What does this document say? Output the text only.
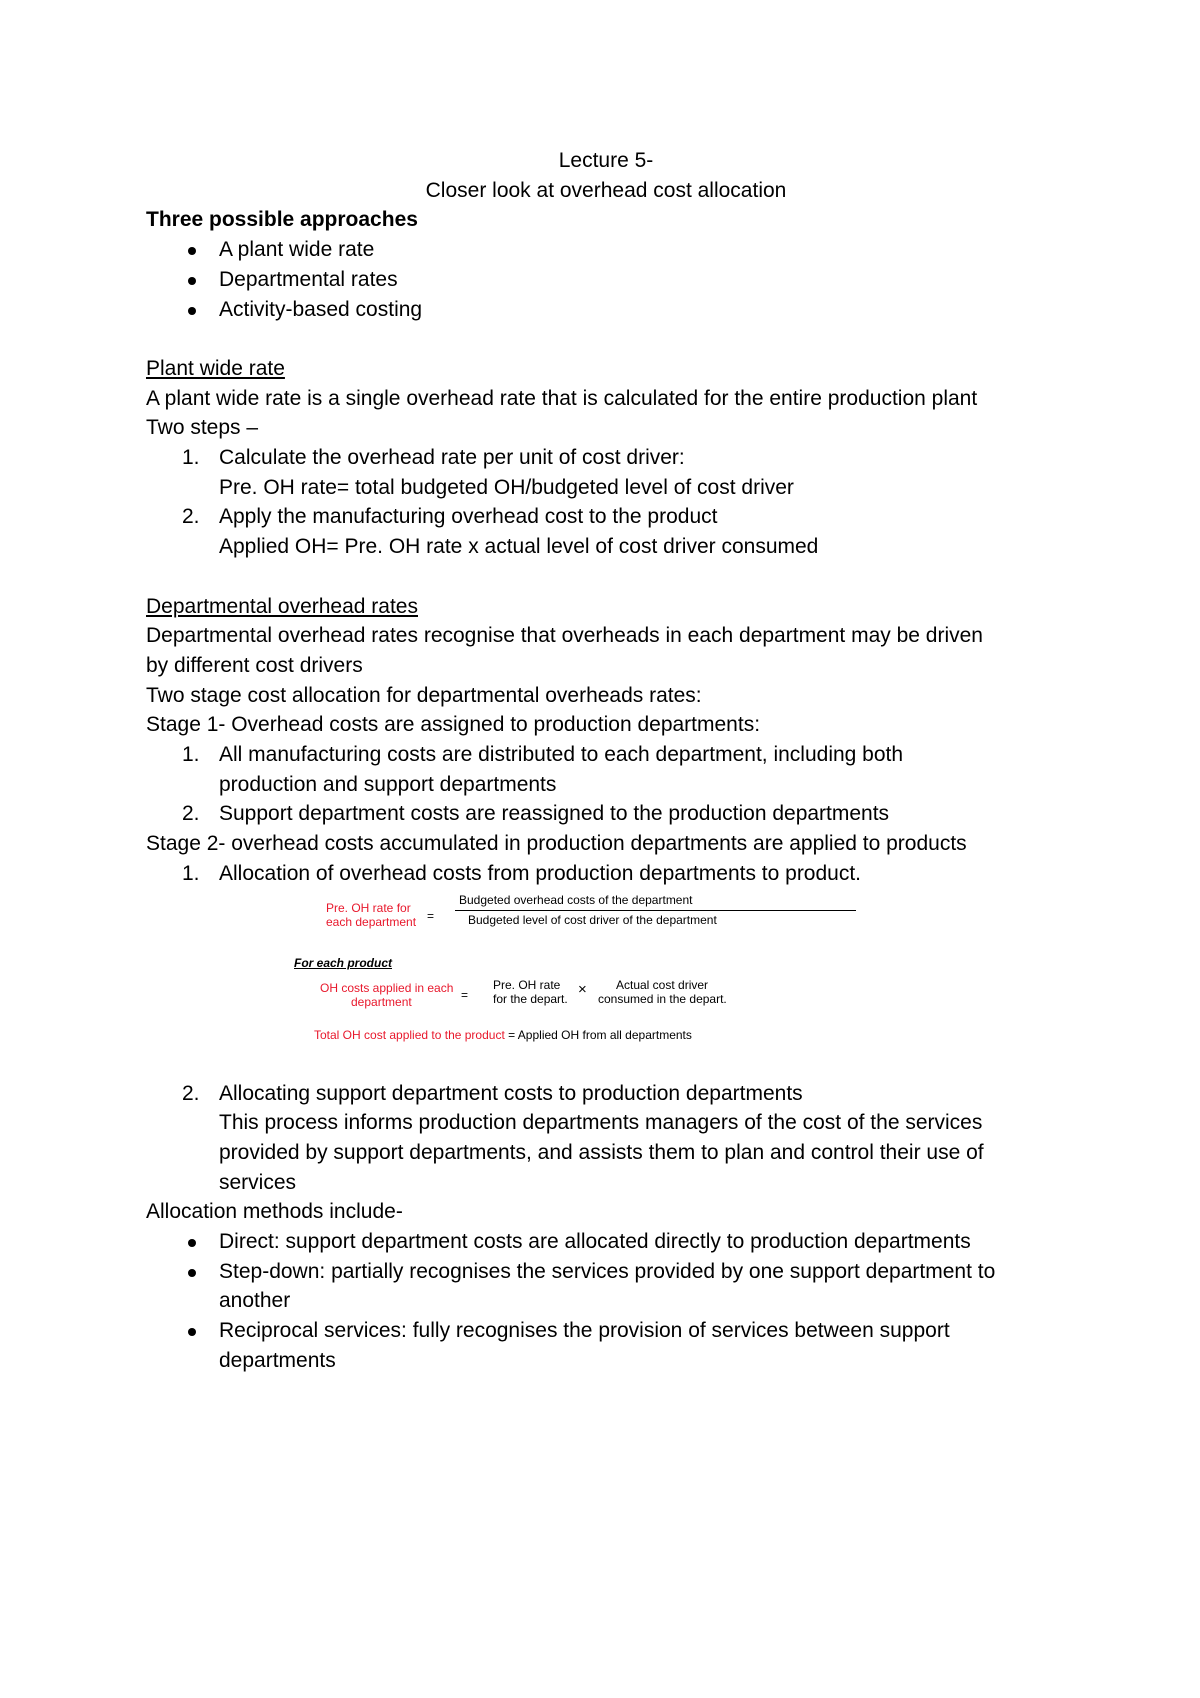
Lecture 5-
Closer look at overhead cost allocation
Three possible approaches
A plant wide rate
Departmental rates
Activity-based costing
Plant wide rate
A plant wide rate is a single overhead rate that is calculated for the entire production plant
Two steps –
1. Calculate the overhead rate per unit of cost driver:
Pre. OH rate= total budgeted OH/budgeted level of cost driver
2. Apply the manufacturing overhead cost to the product
Applied OH= Pre. OH rate x actual level of cost driver consumed
Departmental overhead rates
Departmental overhead rates recognise that overheads in each department may be driven
by different cost drivers
Two stage cost allocation for departmental overheads rates:
Stage 1- Overhead costs are assigned to production departments:
1. All manufacturing costs are distributed to each department, including both
production and support departments
2. Support department costs are reassigned to the production departments
Stage 2- overhead costs accumulated in production departments are applied to products
1. Allocation of overhead costs from production departments to product.
Pre. OH rate for
each department =
Budgeted overhead costs of the department
Budgeted level of cost driver of the department
For each product
OH costs applied in each
department	=
Pre. OH rate
for the depart.
× Actual cost driver
consumed in the depart.
Total OH cost applied to the product = Applied OH from all departments
2. Allocating support department costs to production departments
This process informs production departments managers of the cost of the services
provided by support departments, and assists them to plan and control their use of
services
Allocation methods include-
Direct: support department costs are allocated directly to production departments
Step-down: partially recognises the services provided by one support department to
another
Reciprocal services: fully recognises the provision of services between support
departments
